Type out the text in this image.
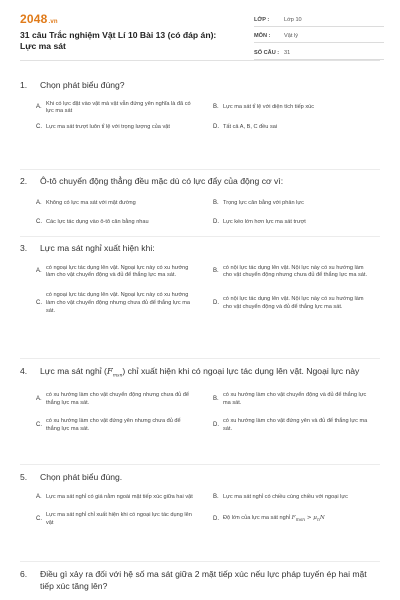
2048.vn
31 câu Trắc nghiệm Vật Lí 10 Bài 13 (có đáp án): Lực ma sát
LỚP :	Lớp 10
MÔN :	Vật lý
SỐ CÂU : 31
1.	Chọn phát biểu đúng?
A.
Khi có lực đặt vào vật mà vật vẫn đứng yên nghĩa là đã có lực ma sát
B. Lực ma sát tỉ lệ với diện tích tiếp xúc
C. Lực ma sát trượt luôn tỉ lệ với trọng lượng của vật	D. Tất cả A, B, C đều sai
2.	Ô-tô chuyển động thẳng đều mặc dù có lực đẩy của động cơ vì:
A. Không có lực ma sát với mặt đường	B. Trọng lực cân bằng với phản lực
C. Các lực tác dụng vào ô-tô cân bằng nhau	D. Lực kéo lớn hơn lực ma sát trượt
3.	Lực ma sát nghỉ xuất hiện khi:
A.
có ngoại lực tác dụng lên vật. Ngoại lực này có xu hướng làm cho vật chuyển động và đủ để thắng lực ma sát.
B.
có nội lực tác dụng lên vật. Nội lực này có xu hướng làm cho vật chuyển động nhưng chưa đủ để thắng lực ma sát.
C.
có ngoại lực tác dụng lên vật. Ngoại lực này có xu hướng làm cho vật chuyển động nhưng chưa đủ để thắng lực ma sát.
D.
có nội lực tác dụng lên vật. Nội lực này có xu hướng làm cho vật chuyển động và đủ để thắng lực ma sát.
4.	Lực ma sát nghỉ $(F_{msn})$ chỉ xuất hiện khi có ngoại lực tác dụng lên vật. Ngoại lực này
A.
có xu hướng làm cho vật chuyển động nhưng chưa đủ để thắng lực ma sát.
B.
có xu hướng làm cho vật chuyển động và đủ để thắng lực ma sát.
C.
có xu hướng làm cho vật đứng yên nhưng chưa đủ để thắng lực ma sát.
D.
có xu hướng làm cho vật đứng yên và đủ để thắng lực ma sát.
5.	Chọn phát biểu đúng.
A. Lực ma sát nghỉ có giá nằm ngoài mặt tiếp xúc giữa hai vật	B. Lực ma sát nghỉ có chiều cùng chiều với ngoại lực
C.
Lực ma sát nghỉ chỉ xuất hiện khi có ngoại lực tác dụng lên vật
D. Độ lớn của lực ma sát nghỉ $F_{msn} > \mu_nN$
6.	Điều gì xảy ra đối với hệ số ma sát giữa 2 mặt tiếp xúc nếu lực pháp tuyến ép hai mặt tiếp xúc tăng lên?
